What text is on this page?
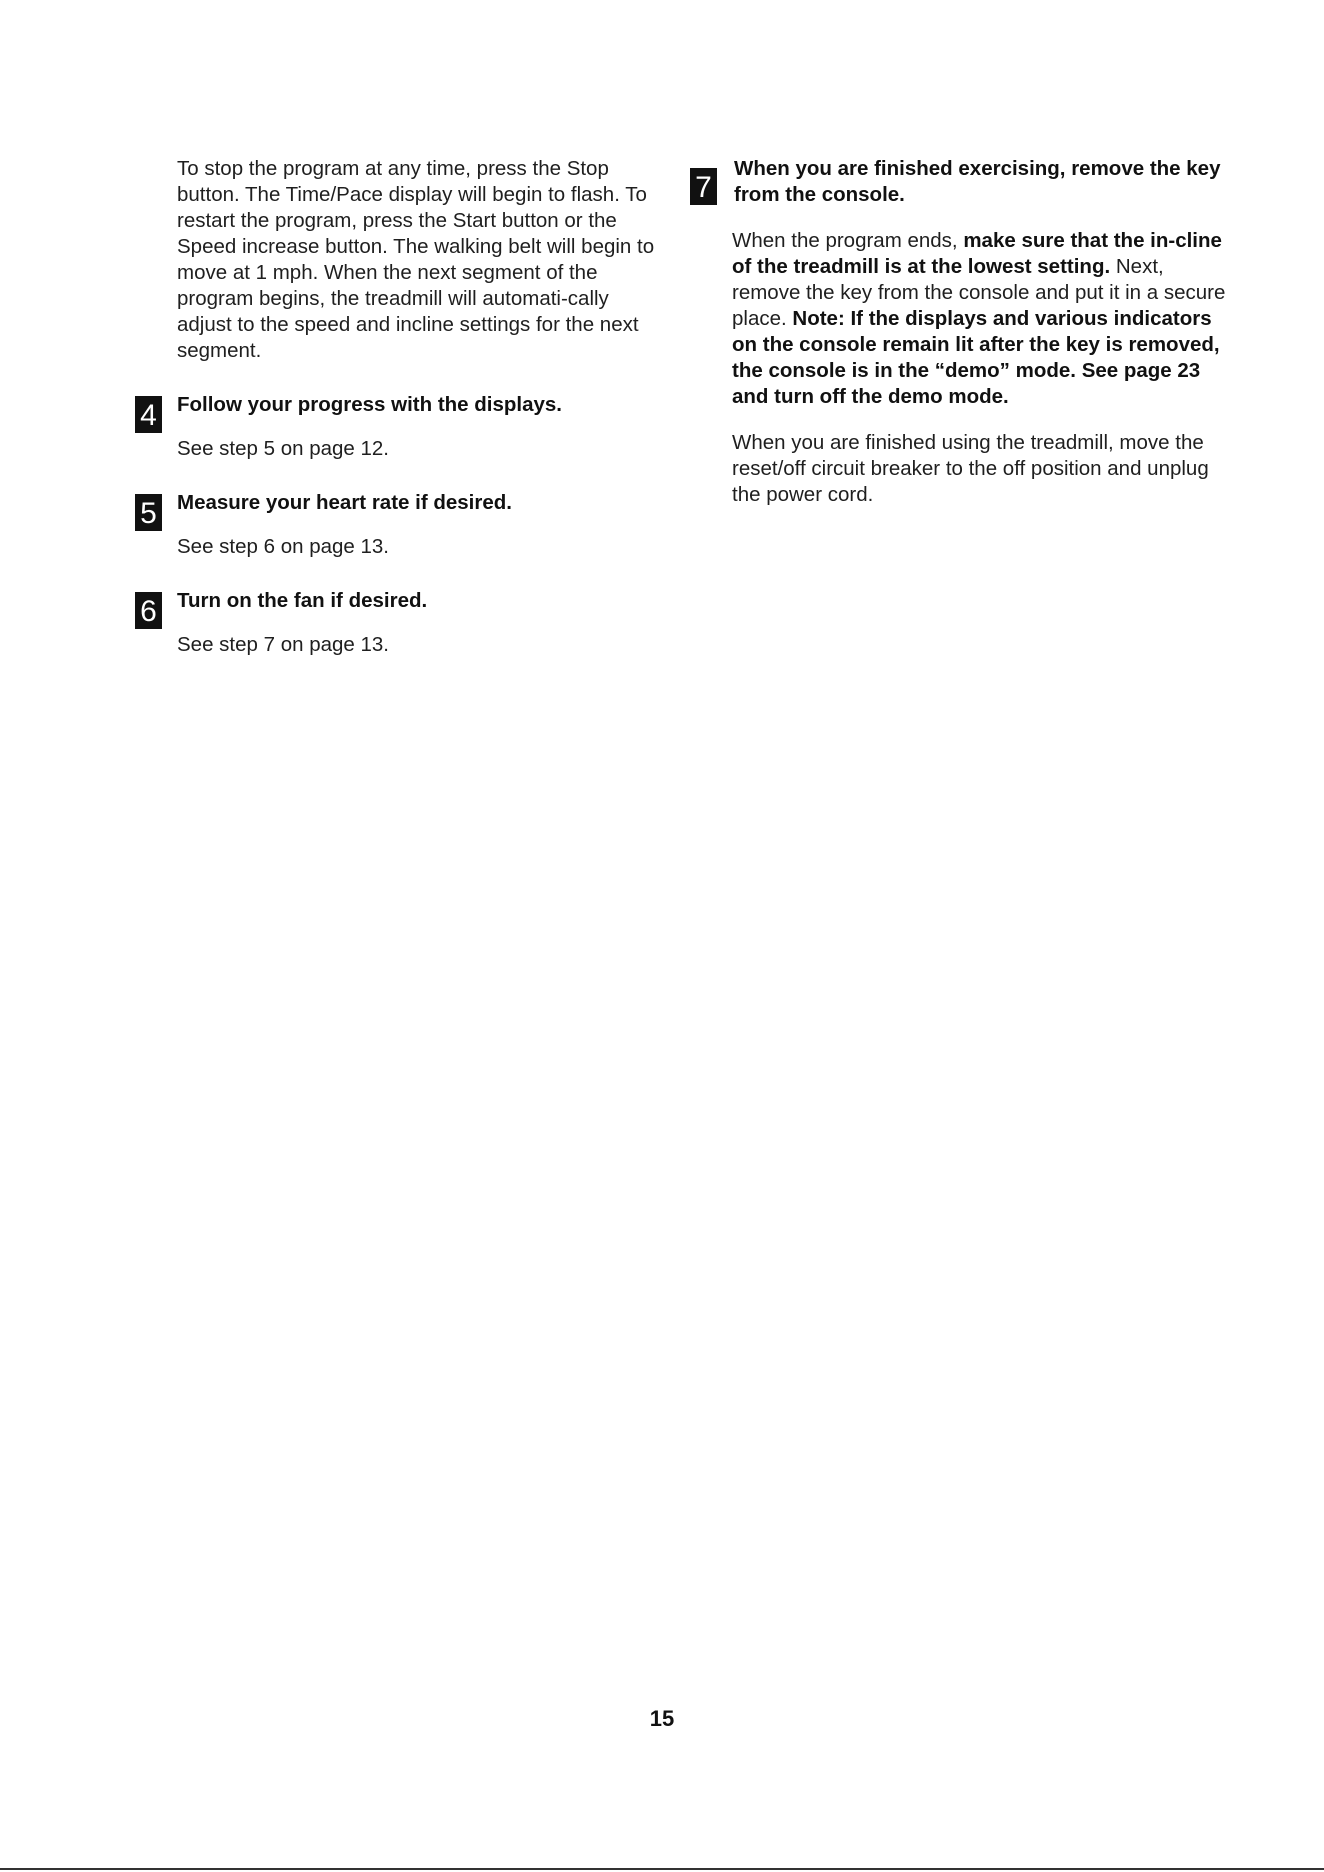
To stop the program at any time, press the Stop button. The Time/Pace display will begin to flash. To restart the program, press the Start button or the Speed increase button. The walking belt will begin to move at 1 mph. When the next segment of the program begins, the treadmill will automati-cally adjust to the speed and incline settings for the next segment.

4 Follow your progress with the displays.

See step 5 on page 12.

5 Measure your heart rate if desired.

See step 6 on page 13.

6 Turn on the fan if desired.

See step 7 on page 13.

7

When you are finished exercising, remove the key from the console.

When the program ends, make sure that the in-cline of the treadmill is at the lowest setting. Next, remove the key from the console and put it in a secure place. Note: If the displays and various indicators on the console remain lit after the key is removed, the console is in the “demo” mode. See page 23 and turn off the demo mode.

When you are finished using the treadmill, move the reset/off circuit breaker to the off position and unplug the power cord.

15
